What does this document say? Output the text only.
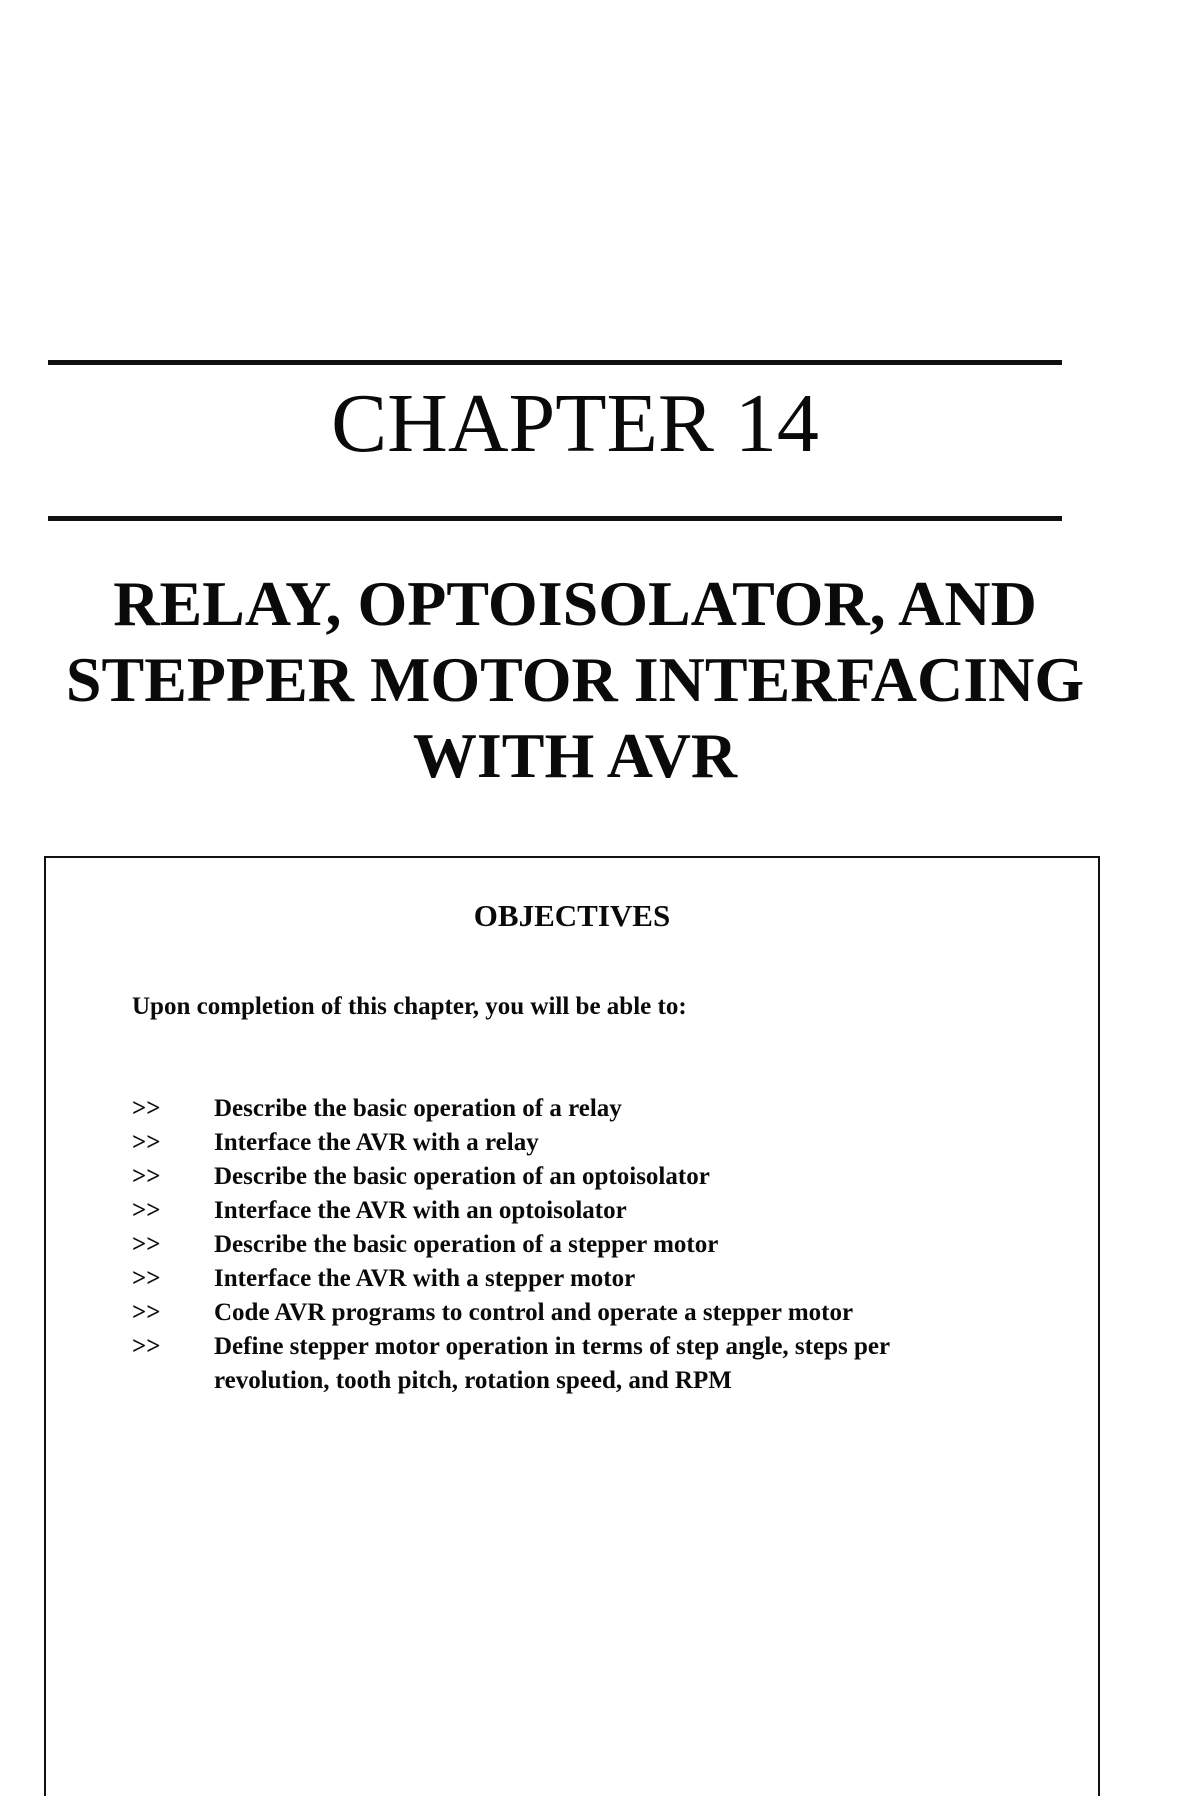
CHAPTER 14
RELAY, OPTOISOLATOR, AND
STEPPER MOTOR INTERFACING
WITH AVR
OBJECTIVES
Upon completion of this chapter, you will be able to:
>>	Describe the basic operation of a relay
>>	Interface the AVR with a relay
>>	Describe the basic operation of an optoisolator
>>	Interface the AVR with an optoisolator
>>	Describe the basic operation of a stepper motor
>>	Interface the AVR with a stepper motor
>>	Code AVR programs to control and operate a stepper motor
>>	Define stepper motor operation in terms of step angle, steps per revolution, tooth pitch, rotation speed, and RPM
